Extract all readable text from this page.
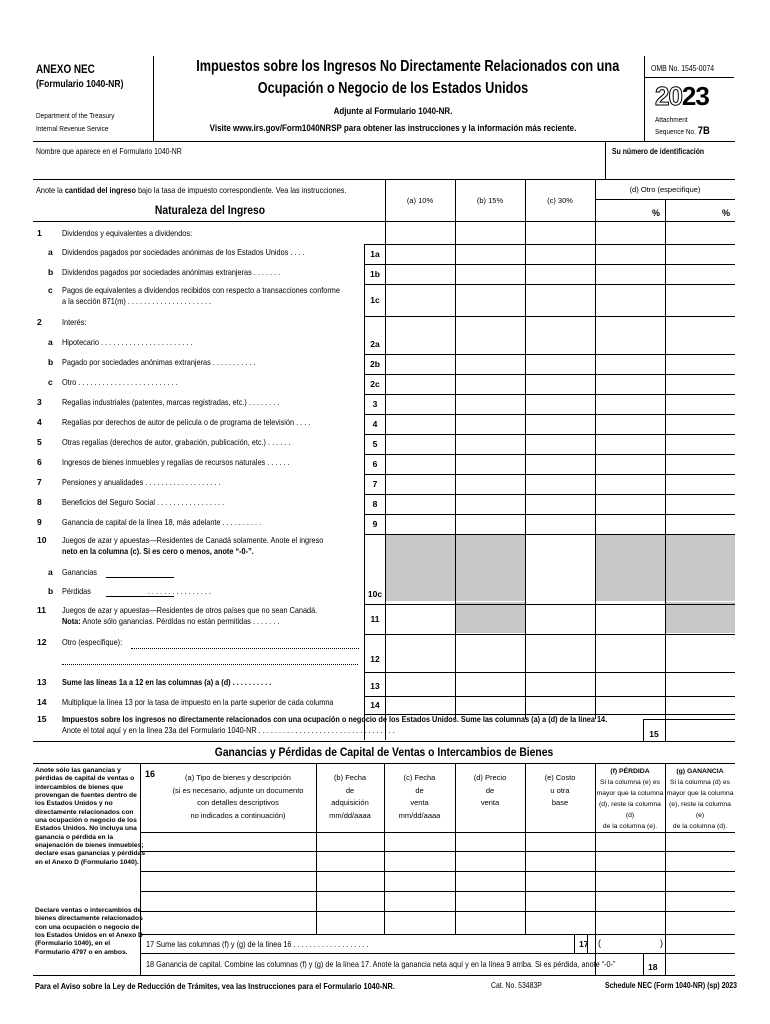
ANEXO NEC
(Formulario 1040-NR)
Department of the Treasury
Internal Revenue Service
Impuestos sobre los Ingresos No Directamente Relacionados con una
Ocupación o Negocio de los Estados Unidos
Adjunte al Formulario 1040-NR.
Visite www.irs.gov/Form1040NRSP para obtener las instrucciones y la información más reciente.
OMB No. 1545-0074
2023
Attachment
Sequence No. 7B
Nombre que aparece en el Formulario 1040-NR	Su número de identificación
Anote la cantidad del ingreso bajo la tasa de impuesto correspondiente. Vea las instrucciones.
Naturaleza del Ingreso
(a) 10%	(b) 15%	(c) 30%
(d) Otro (especifique)
%	%
1 Dividendos y equivalentes a dividendos:
a Dividendos pagados por sociedades anónimas de los Estados Unidos . . . .	1a
b Dividendos pagados por sociedades anónimas extranjeras . . . . . . .	1b
c Pagos de equivalentes a dividendos recibidos con respecto a transacciones conforme
a la sección 871(m) . . . . . . . . . . . . . . . . . . . . .	1c
2 Interés:
a Hipotecario . . . . . . . . . . . . . . . . . . . . . . .	2a
b Pagado por sociedades anónimas extranjeras . . . . . . . . . . .	2b
c Otro . . . . . . . . . . . . . . . . . . . . . . . . .	2c
3 Regalías industriales (patentes, marcas registradas, etc.) . . . . . . . .	3
4 Regalías por derechos de autor de película o de programa de televisión . . . .	4
5 Otras regalías (derechos de autor, grabación, publicación, etc.) . . . . . .	5
6 Ingresos de bienes inmuebles y regalías de recursos naturales . . . . . .	6
7 Pensiones y anualidades . . . . . . . . . . . . . . . . . . .	7
8 Beneficios del Seguro Social . . . . . . . . . . . . . . . . .	8
9 Ganancia de capital de la línea 18, más adelante . . . . . . . . . .	9
10 Juegos de azar y apuestas—Residentes de Canadá solamente. Anote el ingreso
neto en la columna (c). Si es cero o menos, anote “-0-”.
a Ganancias
b Pérdidas	. . . . . . . . . . . . . . . .	10c
11 Juegos de azar y apuestas—Residentes de otros países que no sean Canadá.
Nota: Anote sólo ganancias. Pérdidas no están permitidas . . . . . . .	11
12 Otro (especifique):
12
13 Sume las líneas 1a a 12 en las columnas (a) a (d) . . . . . . . . . .	13
14 Multiplique la línea 13 por la tasa de impuesto en la parte superior de cada columna	14
15 Impuestos sobre los ingresos no directamente relacionados con una ocupación o negocio de los Estados Unidos. Sume las columnas (a) a (d) de la línea 14.
Anote el total aquí y en la línea 23a del Formulario 1040-NR . . . . . . . . . . . . . . . . . . . . . . . . . . . . . . . . . .	15
Ganancias y Pérdidas de Capital de Ventas o Intercambios de Bienes
Anote sólo las ganancias y
pérdidas de capital de ventas o
intercambios de bienes que
provengan de fuentes dentro de
los Estados Unidos y no
directamente relacionados con
una ocupación o negocio de los
Estados Unidos. No incluya una
ganancia o pérdida en la
enajenación de bienes inmuebles;
declare esas ganancias y pérdidas
en el Anexo D (Formulario 1040).
Declare ventas o intercambios de
bienes directamente relacionados
con una ocupación o negocio de
los Estados Unidos en el Anexo D
(Formulario 1040), en el
Formulario 4797 o en ambos.
16	(a) Tipo de bienes y descripción
(si es necesario, adjunte un documento
con detalles descriptivos
no indicados a continuación)
(b) Fecha
de
adquisición
mm/dd/aaaa
(c) Fecha
de
venta
mm/dd/aaaa
(d) Precio
de
venta
(e) Costo
u otra
base
(f) PÉRDIDA
Si la columna (e) es
mayor que la columna
(d), reste la columna (d)
de la columna (e).
(g) GANANCIA
Si la columna (d) es
mayor que la columna
(e), reste la columna (e)
de la columna (d).
17 Sume las columnas (f) y (g) de la línea 16 . . . . . . . . . . . . . . . . . . .	17 (	)
18 Ganancia de capital. Combine las columnas (f) y (g) de la línea 17. Anote la ganancia neta aquí y en la línea 9 arriba. Si es pérdida, anote “-0-”	18
Para el Aviso sobre la Ley de Reducción de Trámites, vea las Instrucciones para el Formulario 1040-NR.	Cat. No. 53483P	Schedule NEC (Form 1040-NR) (sp) 2023
